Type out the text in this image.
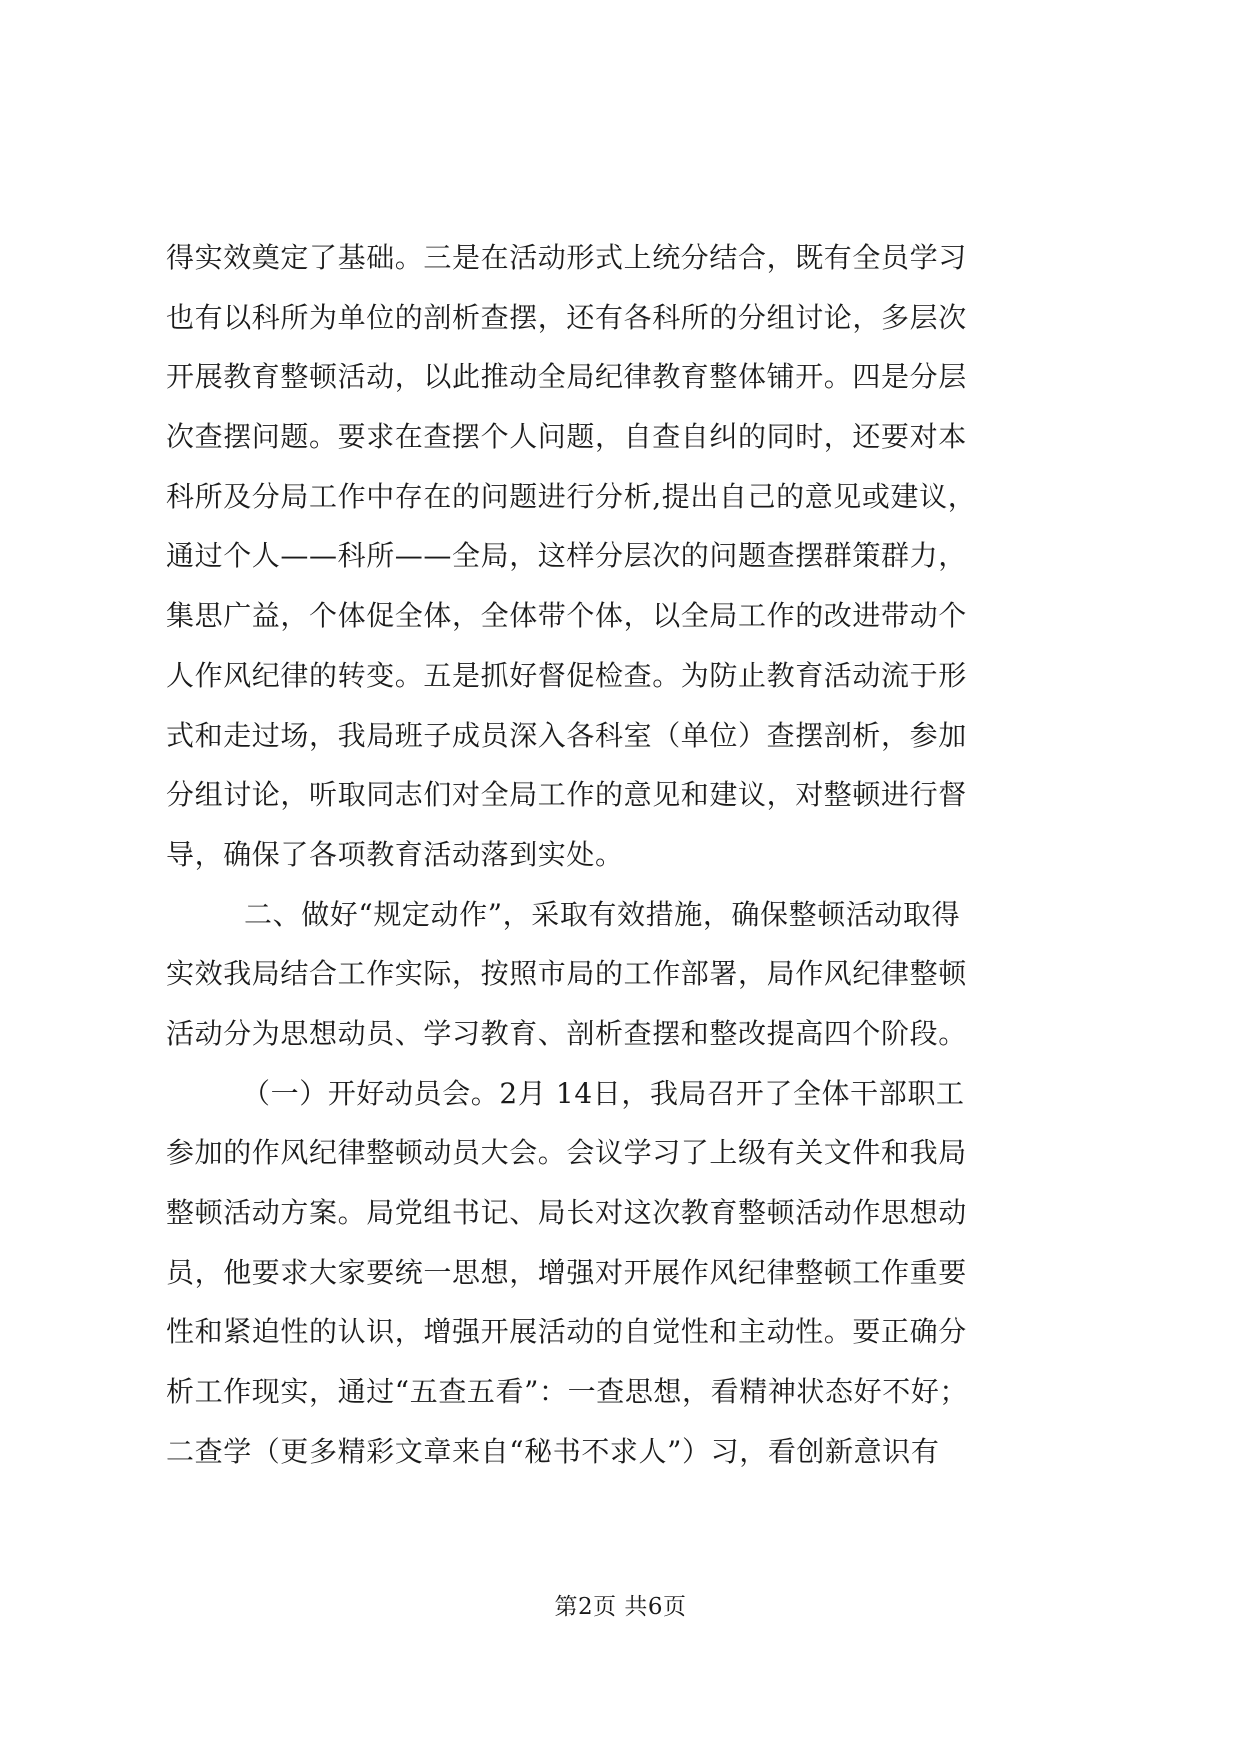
得实效奠定了基础。三是在活动形式上统分结合，既有全员学习
也有以科所为单位的剖析查摆，还有各科所的分组讨论，多层次
开展教育整顿活动，以此推动全局纪律教育整体铺开。四是分层
次查摆问题。要求在查摆个人问题，自查自纠的同时，还要对本
科所及分局工作中存在的问题进行分析,提出自己的意见或建议，
通过个人——科所——全局，这样分层次的问题查摆群策群力，
集思广益，个体促全体，全体带个体，以全局工作的改进带动个
人作风纪律的转变。五是抓好督促检查。为防止教育活动流于形
式和走过场，我局班子成员深入各科室（单位）查摆剖析，参加
分组讨论，听取同志们对全局工作的意见和建议，对整顿进行督
导，确保了各项教育活动落到实处。
二、做好“规定动作”，采取有效措施，确保整顿活动取得
实效我局结合工作实际，按照市局的工作部署，局作风纪律整顿
活动分为思想动员、学习教育、剖析查摆和整改提高四个阶段。
（一）开好动员会。2月 14日，我局召开了全体干部职工
参加的作风纪律整顿动员大会。会议学习了上级有关文件和我局
整顿活动方案。局党组书记、局长对这次教育整顿活动作思想动
员，他要求大家要统一思想，增强对开展作风纪律整顿工作重要
性和紧迫性的认识，增强开展活动的自觉性和主动性。要正确分
析工作现实，通过“五查五看”：一查思想，看精神状态好不好；
二查学（更多精彩文章来自“秘书不求人”）习，看创新意识有
第2页 共6页
